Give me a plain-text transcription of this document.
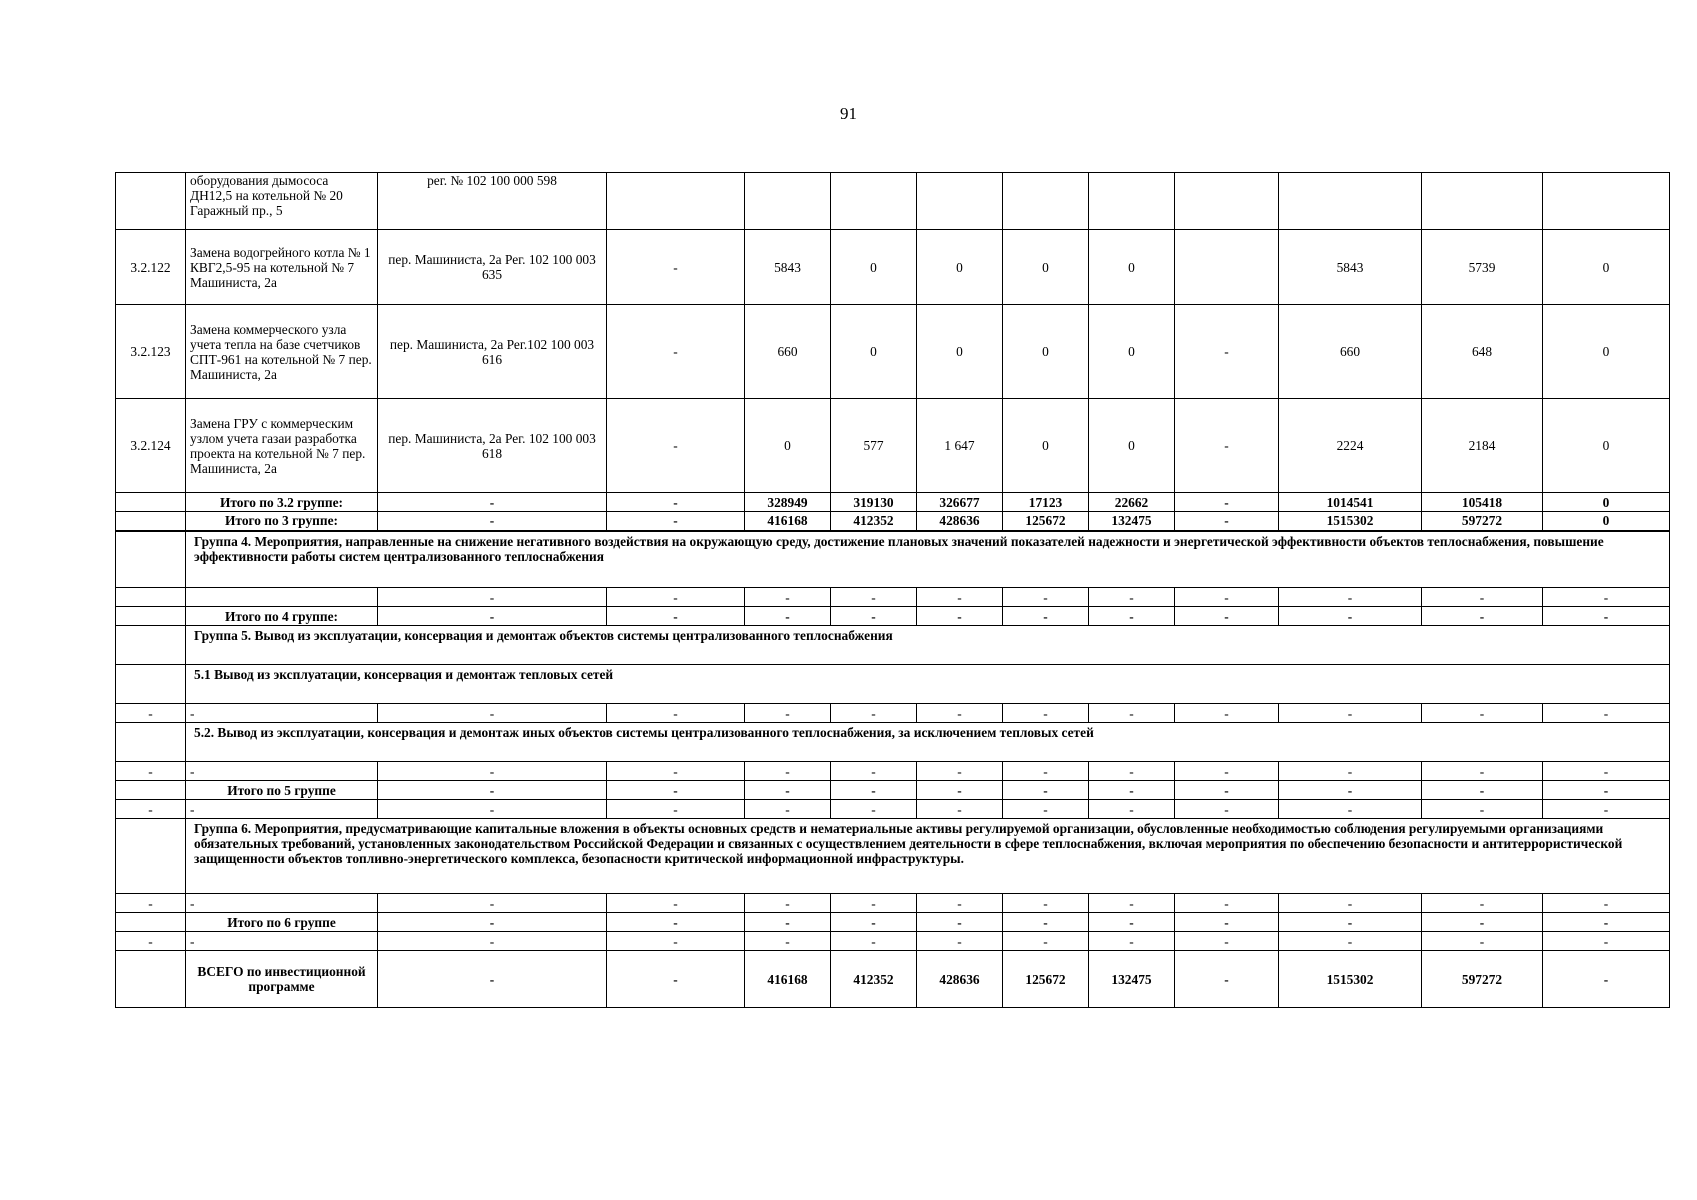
91
	оборудования дымососа ДН12,5 на котельной № 20 Гаражный пр., 5	рег. № 102 100 000 598										
3.2.122	Замена водогрейного котла № 1 КВГ2,5-95 на котельной № 7 Машиниста, 2а	пер. Машиниста, 2а Рег. 102 100 003 635	-	5843	0	0	0	0		5843	5739	0
3.2.123	Замена коммерческого узла учета тепла на базе счетчиков СПТ-961 на котельной № 7 пер. Машиниста, 2а	пер. Машиниста, 2а Рег.102 100 003 616	-	660	0	0	0	0	-	660	648	0
3.2.124	Замена ГРУ с коммерческим узлом учета газаи разработка проекта на котельной № 7 пер. Машиниста, 2а	пер. Машиниста, 2а Рег. 102 100 003 618	-	0	577	1 647	0	0	-	2224	2184	0
	Итого по 3.2 группе:	-	-	328949	319130	326677	17123	22662	-	1014541	105418	0
	Итого по 3 группе:	-	-	416168	412352	428636	125672	132475	-	1515302	597272	0
	Группа 4. Мероприятия, направленные на снижение негативного воздействия на окружающую среду, достижение плановых значений показателей надежности и энергетической эффективности объектов теплоснабжения, повышение эффективности работы систем централизованного теплоснабжения											
		-	-	-	-	-	-	-	-	-	-	-
	Итого по 4 группе:	-	-	-	-	-	-	-	-	-	-	-
	Группа 5. Вывод из эксплуатации, консервация и демонтаж объектов системы централизованного теплоснабжения											
	5.1 Вывод из эксплуатации, консервация и демонтаж тепловых сетей											
-	-	-	-	-	-	-	-	-	-	-	-	-
	5.2. Вывод из эксплуатации, консервация и демонтаж иных объектов системы централизованного теплоснабжения, за исключением тепловых сетей											
-	-	-	-	-	-	-	-	-	-	-	-	-
	Итого по 5 группе	-	-	-	-	-	-	-	-	-	-	-
-	-	-	-	-	-	-	-	-	-	-	-	-
	Группа 6. Мероприятия, предусматривающие капитальные вложения в объекты основных средств и нематериальные активы регулируемой организации, обусловленные необходимостью соблюдения регулируемыми организациями обязательных требований, установленных законодательством Российской Федерации и связанных с осуществлением деятельности в сфере теплоснабжения, включая мероприятия по обеспечению безопасности и антитеррористической защищенности объектов топливно-энергетического комплекса, безопасности критической информационной инфраструктуры.											
-	-	-	-	-	-	-	-	-	-	-	-	-
	Итого по 6 группе	-	-	-	-	-	-	-	-	-	-	-
-	-	-	-	-	-	-	-	-	-	-	-	-
	ВСЕГО по инвестиционной программе	-	-	416168	412352	428636	125672	132475	-	1515302	597272	-
